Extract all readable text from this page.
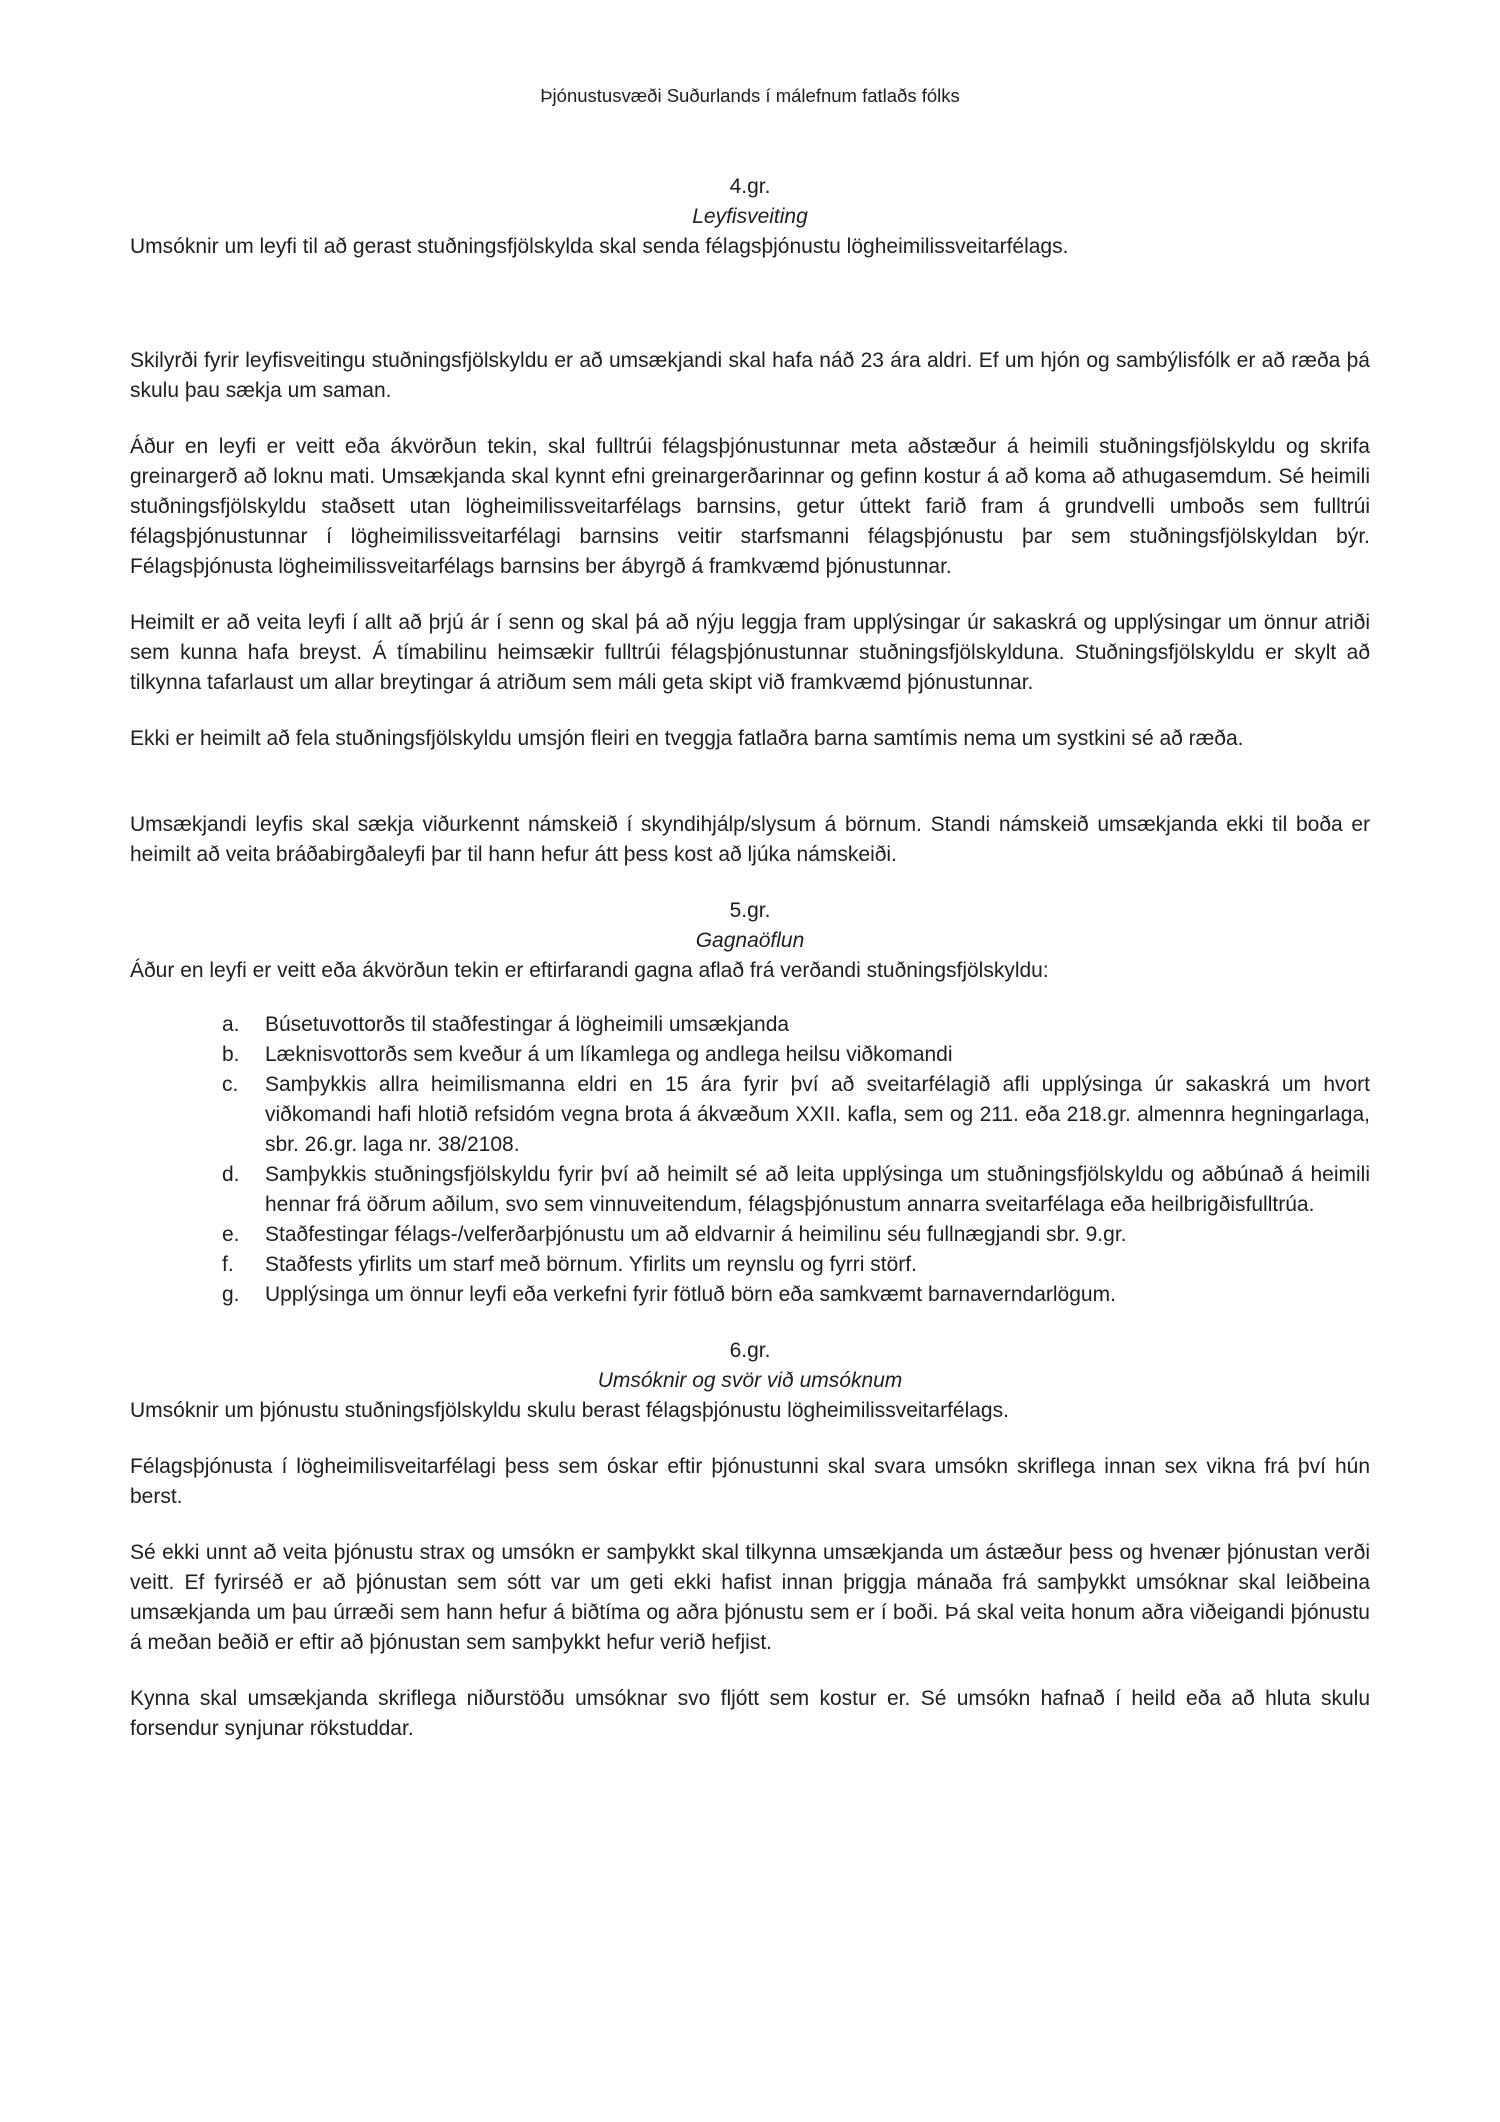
Þjónustusvæði Suðurlands í málefnum fatlaðs fólks
4.gr.
Leyfisveiting

Umsóknir um leyfi til að gerast stuðningsfjölskylda skal senda félagsþjónustu lögheimilissveitarfélags.

Skilyrði fyrir leyfisveitingu stuðningsfjölskyldu er að umsækjandi skal hafa náð 23 ára aldri. Ef um hjón og sambýlisfólk er að ræða þá skulu þau sækja um saman.

Áður en leyfi er veitt eða ákvörðun tekin, skal fulltrúi félagsþjónustunnar meta aðstæður á heimili stuðningsfjölskyldu og skrifa greinargerð að loknu mati. Umsækjanda skal kynnt efni greinargerðarinnar og gefinn kostur á að koma að athugasemdum. Sé heimili stuðningsfjölskyldu staðsett utan lögheimilissveitarfélags barnsins, getur úttekt farið fram á grundvelli umboðs sem fulltrúi félagsþjónustunnar í lögheimilissveitarfélagi barnsins veitir starfsmanni félagsþjónustu þar sem stuðningsfjölskyldan býr. Félagsþjónusta lögheimilissveitarfélags barnsins ber ábyrgð á framkvæmd þjónustunnar.

Heimilt er að veita leyfi í allt að þrjú ár í senn og skal þá að nýju leggja fram upplýsingar úr sakaskrá og upplýsingar um önnur atriði sem kunna hafa breyst. Á tímabilinu heimsækir fulltrúi félagsþjónustunnar stuðningsfjölskylduna. Stuðningsfjölskyldu er skylt að tilkynna tafarlaust um allar breytingar á atriðum sem máli geta skipt við framkvæmd þjónustunnar.

Ekki er heimilt að fela stuðningsfjölskyldu umsjón fleiri en tveggja fatlaðra barna samtímis nema um systkini sé að ræða.

Umsækjandi leyfis skal sækja viðurkennt námskeið í skyndihjálp/slysum á börnum. Standi námskeið umsækjanda ekki til boða er heimilt að veita bráðabirgðaleyfi þar til hann hefur átt þess kost að ljúka námskeiði.

5.gr.
Gagnaöflun

Áður en leyfi er veitt eða ákvörðun tekin er eftirfarandi gagna aflað frá verðandi stuðningsfjölskyldu:

a. Búsetuvottorðs til staðfestingar á lögheimili umsækjanda
b. Læknisvottorðs sem kveður á um líkamlega og andlega heilsu viðkomandi
c. Samþykkis allra heimilismanna eldri en 15 ára fyrir því að sveitarfélagið afli upplýsinga úr sakaskrá um hvort viðkomandi hafi hlotið refsidóm vegna brota á ákvæðum XXII. kafla, sem og 211. eða 218.gr. almennra hegningarlaga, sbr. 26.gr. laga nr. 38/2108.
d. Samþykkis stuðningsfjölskyldu fyrir því að heimilt sé að leita upplýsinga um stuðningsfjölskyldu og aðbúnað á heimili hennar frá öðrum aðilum, svo sem vinnuveitendum, félagsþjónustum annarra sveitarfélaga eða heilbrigðisfulltrúa.
e. Staðfestingar félags-/velferðarþjónustu um að eldvarnir á heimilinu séu fullnægjandi sbr. 9.gr.
f. Staðfests yfirlits um starf með börnum. Yfirlits um reynslu og fyrri störf.
g. Upplýsinga um önnur leyfi eða verkefni fyrir fötluð börn eða samkvæmt barnaverndarlögum.
6.gr.
Umsóknir og svör við umsóknum

Umsóknir um þjónustu stuðningsfjölskyldu skulu berast félagsþjónustu lögheimilissveitarfélags.

Félagsþjónusta í lögheimilisveitarfélagi þess sem óskar eftir þjónustunni skal svara umsókn skriflega innan sex vikna frá því hún berst.

Sé ekki unnt að veita þjónustu strax og umsókn er samþykkt skal tilkynna umsækjanda um ástæður þess og hvenær þjónustan verði veitt. Ef fyrirséð er að þjónustan sem sótt var um geti ekki hafist innan þriggja mánaða frá samþykkt umsóknar skal leiðbeina umsækjanda um þau úrræði sem hann hefur á biðtíma og aðra þjónustu sem er í boði. Þá skal veita honum aðra viðeigandi þjónustu á meðan beðið er eftir að þjónustan sem samþykkt hefur verið hefjist.

Kynna skal umsækjanda skriflega niðurstöðu umsóknar svo fljótt sem kostur er. Sé umsókn hafnað í heild eða að hluta skulu forsendur synjunar rökstuddar.
